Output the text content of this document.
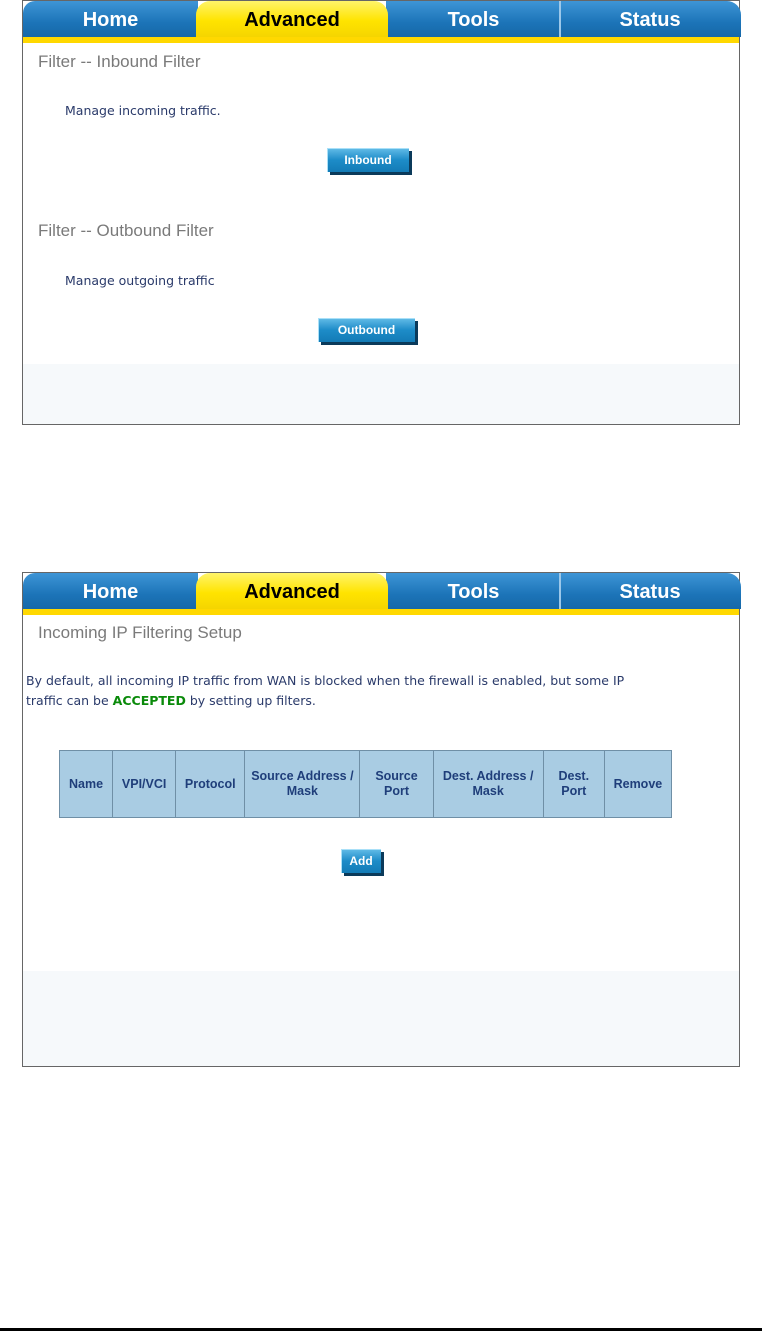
Home	Advanced	Tools	Status
Filter -- Inbound Filter
Manage incoming traffic.
Inbound
Filter -- Outbound Filter
Manage outgoing traffic
Outbound
Home	Advanced	Tools	Status
Incoming IP Filtering Setup
By default, all incoming IP traffic from WAN is blocked when the firewall is enabled, but some IP
traffic can be ACCEPTED by setting up filters.
Name	VPI/VCI	Protocol	Source Address / Mask	Source Port	Dest. Address / Mask	Dest. Port	Remove
Add
